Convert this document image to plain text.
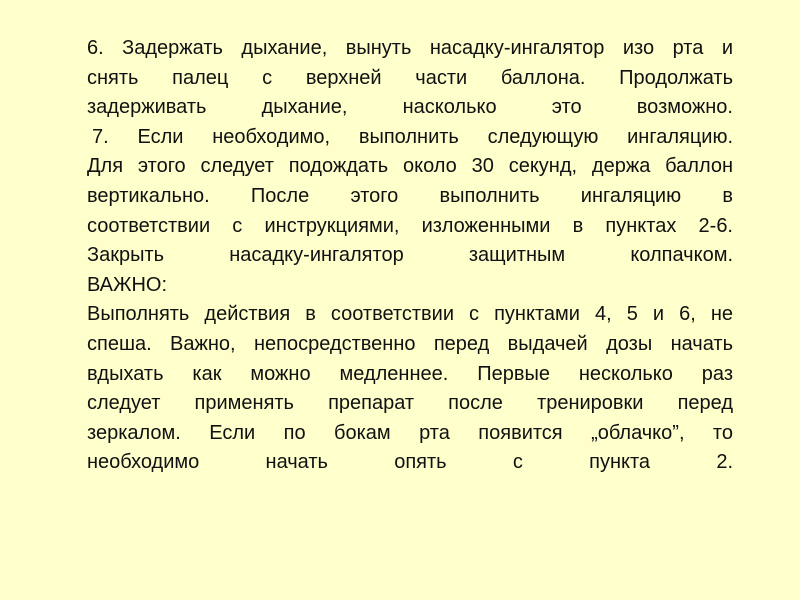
6. Задержать дыхание, вынуть насадку-ингалятор изо рта и
снять палец с верхней части баллона. Продолжать
задерживать дыхание, насколько это возможно.
7. Если необходимо, выполнить следующую ингаляцию.
Для этого следует подождать около 30 секунд, держа баллон
вертикально. После этого выполнить ингаляцию в
соответствии с инструкциями, изложенными в пунктах 2-6.
Закрыть насадку-ингалятор защитным колпачком.
ВАЖНО:
Выполнять действия в соответствии с пунктами 4, 5 и 6, не
спеша. Важно, непосредственно перед выдачей дозы начать
вдыхать как можно медленнее. Первые несколько раз
следует применять препарат после тренировки перед
зеркалом. Если по бокам рта появится „облачко”, то
необходимо начать опять с пункта 2.
